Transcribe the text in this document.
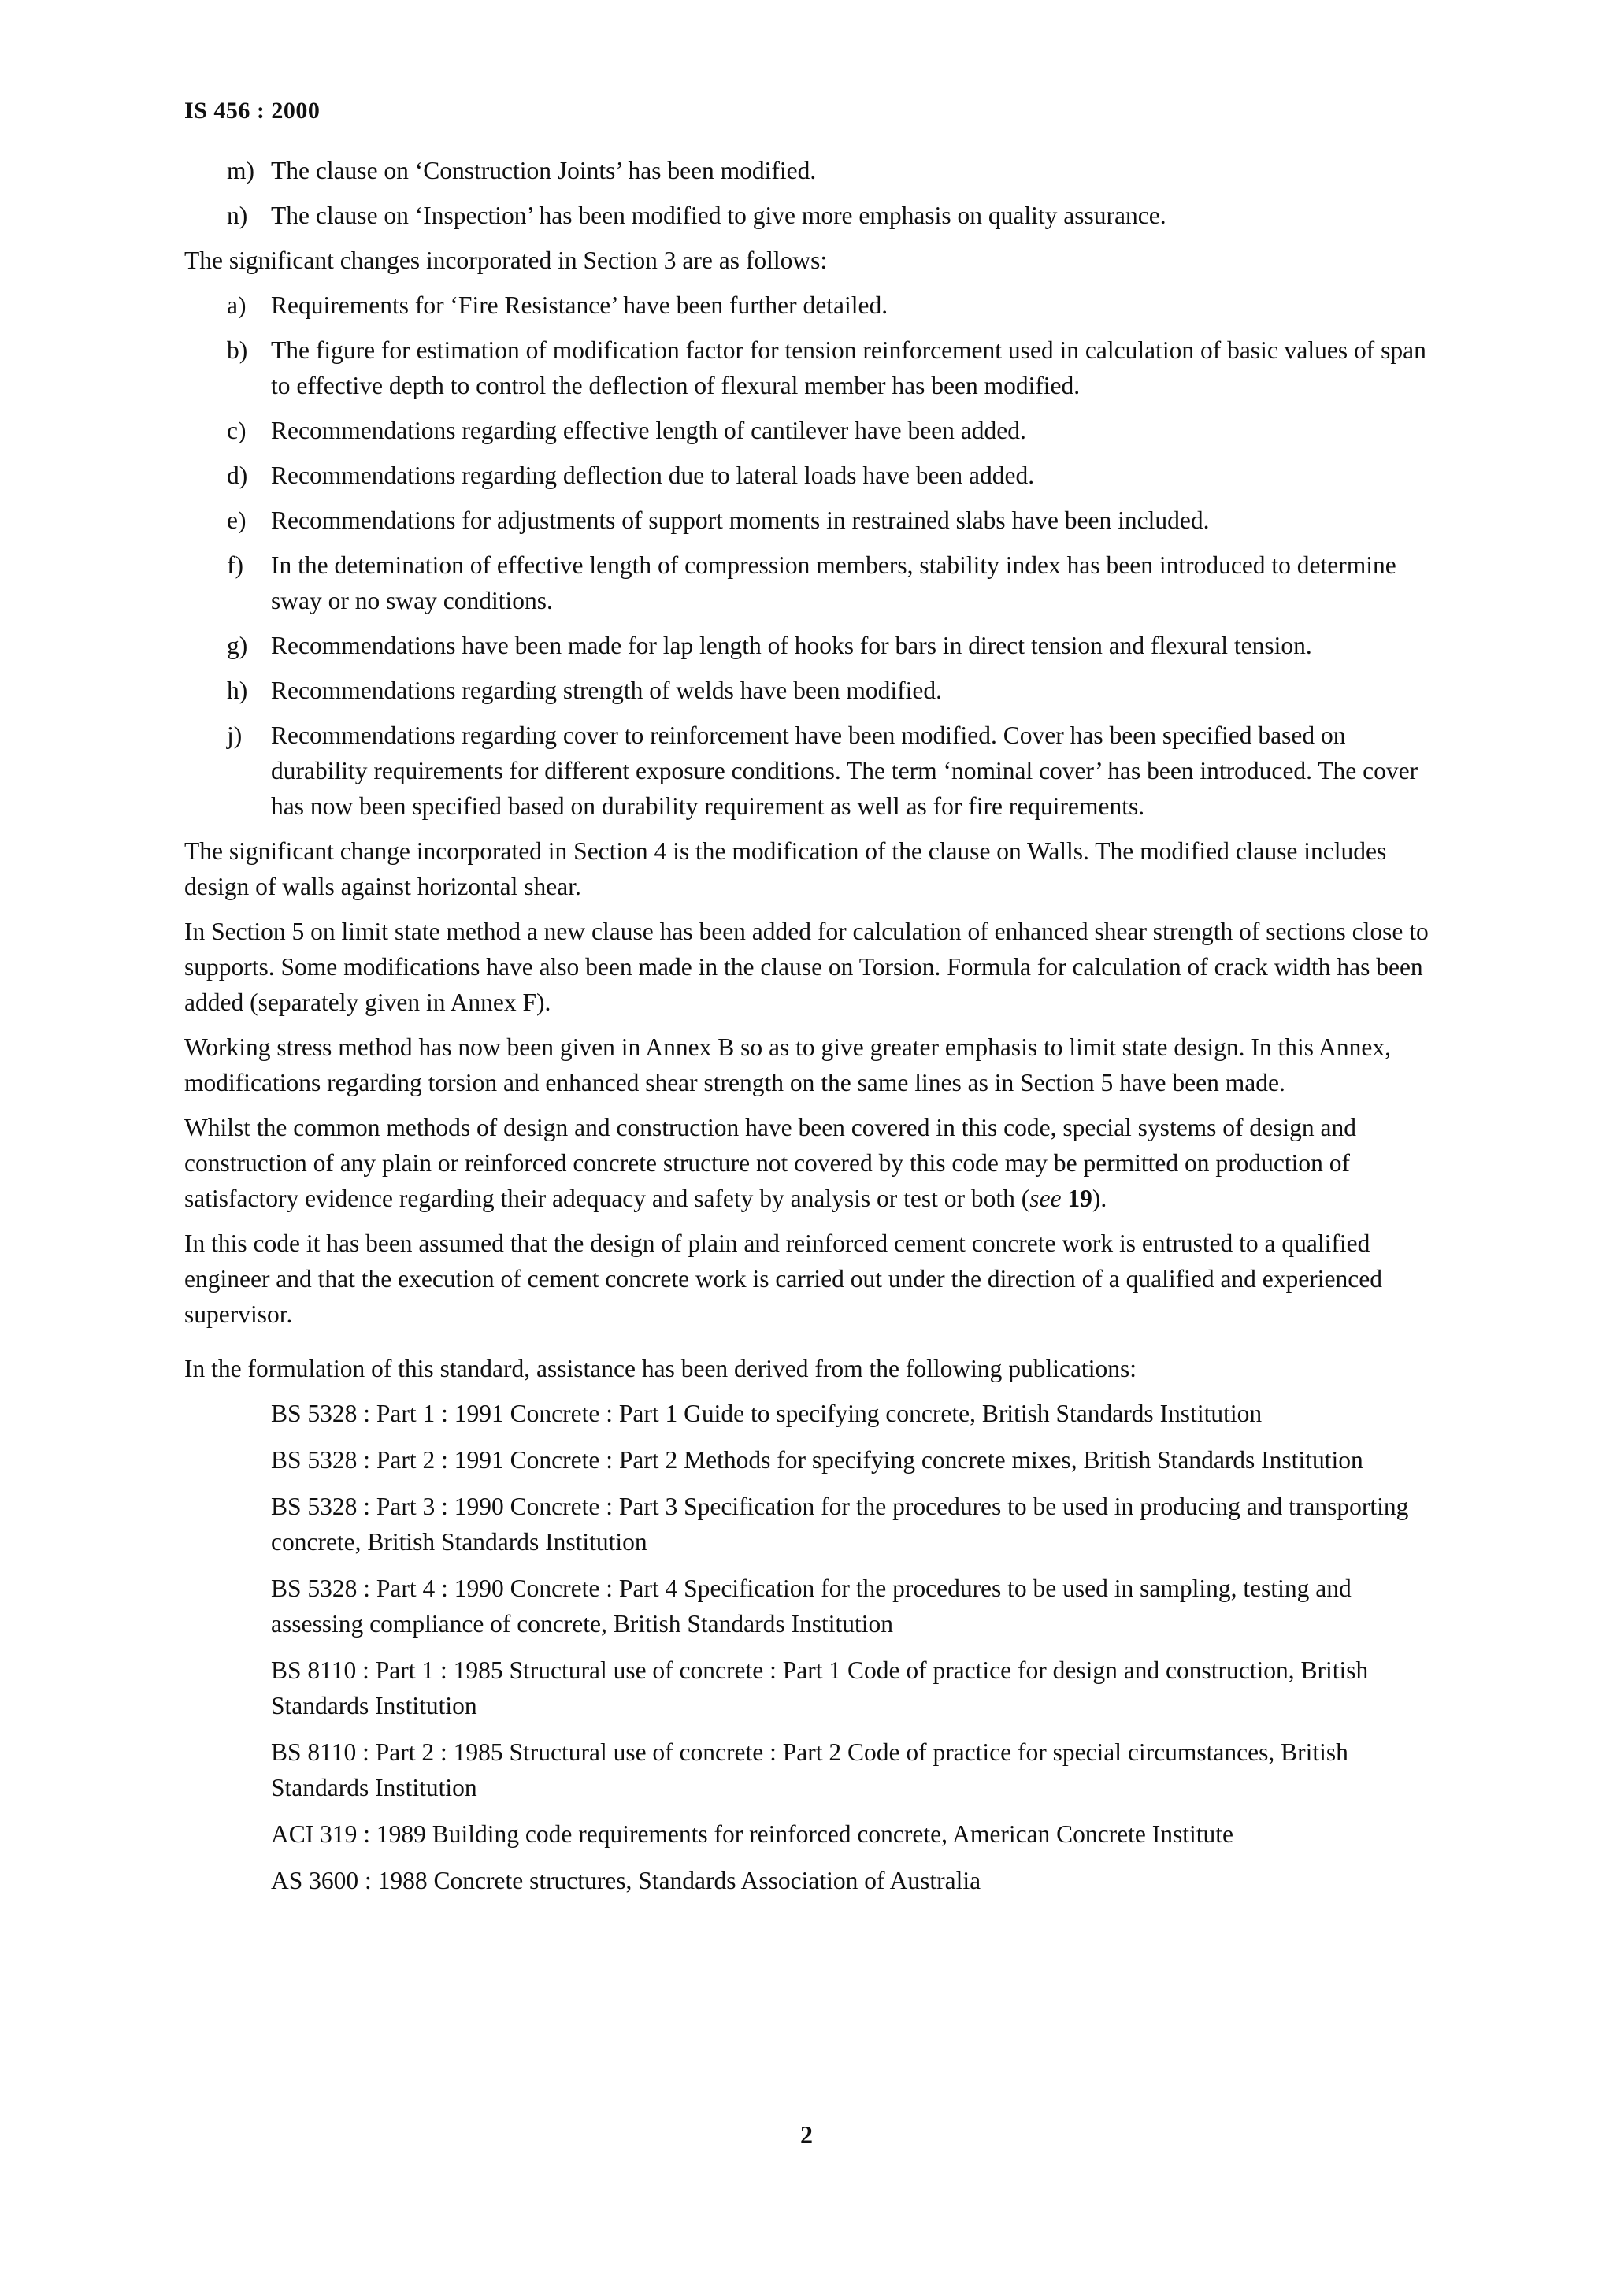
IS 456 : 2000
m) The clause on ‘Construction Joints’ has been modified.
n) The clause on ‘Inspection’ has been modified to give more emphasis on quality assurance.

The significant changes incorporated in Section 3 are as follows:

a) Requirements for ‘Fire Resistance’ have been further detailed.
b) The figure for estimation of modification factor for tension reinforcement used in calculation of basic values of span to effective depth to control the deflection of flexural member has been modified.
c) Recommendations regarding effective length of cantilever have been added.
d) Recommendations regarding deflection due to lateral loads have been added.
e) Recommendations for adjustments of support moments in restrained slabs have been included.
f) In the detemination of effective length of compression members, stability index has been introduced to determine sway or no sway conditions.
g) Recommendations have been made for lap length of hooks for bars in direct tension and flexural tension.
h) Recommendations regarding strength of welds have been modified.
j) Recommendations regarding cover to reinforcement have been modified. Cover has been specified based on durability requirements for different exposure conditions. The term ‘nominal cover’ has been introduced. The cover has now been specified based on durability requirement as well as for fire requirements.

The significant change incorporated in Section 4 is the modification of the clause on Walls. The modified clause includes design of walls against horizontal shear.

In Section 5 on limit state method a new clause has been added for calculation of enhanced shear strength of sections close to supports. Some modifications have also been made in the clause on Torsion. Formula for calculation of crack width has been added (separately given in Annex F).

Working stress method has now been given in Annex B so as to give greater emphasis to limit state design. In this Annex, modifications regarding torsion and enhanced shear strength on the same lines as in Section 5 have been made.

Whilst the common methods of design and construction have been covered in this code, special systems of design and construction of any plain or reinforced concrete structure not covered by this code may be permitted on production of satisfactory evidence regarding their adequacy and safety by analysis or test or both (see 19).

In this code it has been assumed that the design of plain and reinforced cement concrete work is entrusted to a qualified engineer and that the execution of cement concrete work is carried out under the direction of a qualified and experienced supervisor.

In the formulation of this standard, assistance has been derived from the following publications:

BS 5328 : Part 1 : 1991 Concrete : Part 1 Guide to specifying concrete, British Standards Institution
BS 5328 : Part 2 : 1991 Concrete : Part 2 Methods for specifying concrete mixes, British Standards Institution
BS 5328 : Part 3 : 1990 Concrete : Part 3 Specification for the procedures to be used in producing and transporting concrete, British Standards Institution
BS 5328 : Part 4 : 1990 Concrete : Part 4 Specification for the procedures to be used in sampling, testing and assessing compliance of concrete, British Standards Institution
BS 8110 : Part 1 : 1985 Structural use of concrete : Part 1 Code of practice for design and construction, British Standards Institution
BS 8110 : Part 2 : 1985 Structural use of concrete : Part 2 Code of practice for special circumstances, British Standards Institution
ACI 319 : 1989 Building code requirements for reinforced concrete, American Concrete Institute
AS 3600 : 1988 Concrete structures, Standards Association of Australia
2
